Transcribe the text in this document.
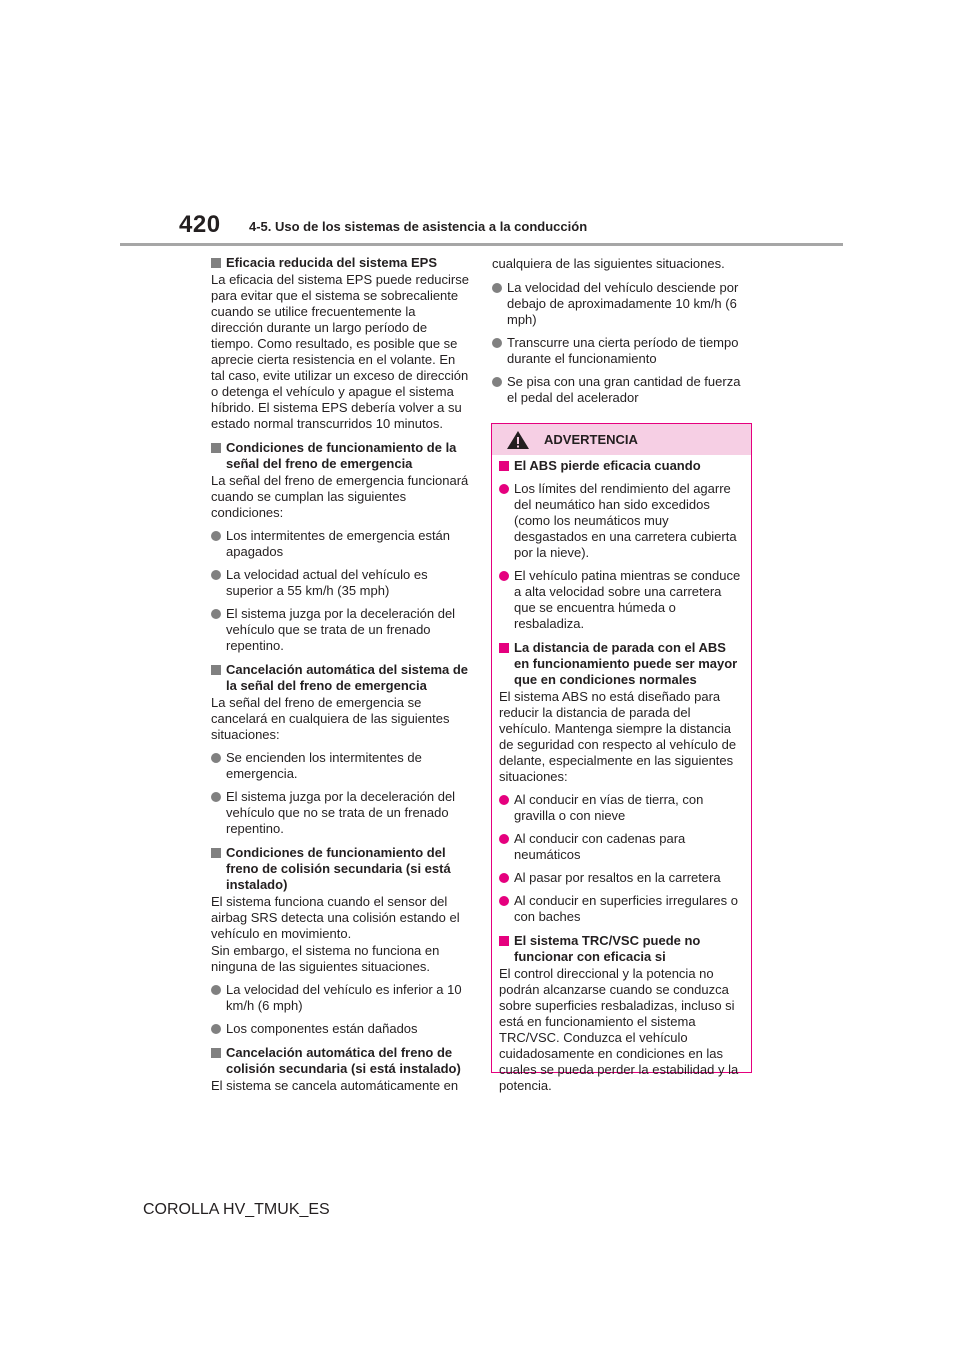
420 4-5. Uso de los sistemas de asistencia a la conducción
Eficacia reducida del sistema EPS
La eficacia del sistema EPS puede reducirse para evitar que el sistema se sobrecaliente cuando se utilice frecuentemente la dirección durante un largo período de tiempo. Como resultado, es posible que se aprecie cierta resistencia en el volante. En tal caso, evite utilizar un exceso de dirección o detenga el vehículo y apague el sistema híbrido. El sistema EPS debería volver a su estado normal transcurridos 10 minutos.
Condiciones de funcionamiento de la señal del freno de emergencia
La señal del freno de emergencia funcionará cuando se cumplan las siguientes condiciones:
Los intermitentes de emergencia están apagados
La velocidad actual del vehículo es superior a 55 km/h (35 mph)
El sistema juzga por la deceleración del vehículo que se trata de un frenado repentino.
Cancelación automática del sistema de la señal del freno de emergencia
La señal del freno de emergencia se cancelará en cualquiera de las siguientes situaciones:
Se encienden los intermitentes de emergencia.
El sistema juzga por la deceleración del vehículo que no se trata de un frenado repentino.
Condiciones de funcionamiento del freno de colisión secundaria (si está instalado)
El sistema funciona cuando el sensor del airbag SRS detecta una colisión estando el vehículo en movimiento.
Sin embargo, el sistema no funciona en ninguna de las siguientes situaciones.
La velocidad del vehículo es inferior a 10 km/h (6 mph)
Los componentes están dañados
Cancelación automática del freno de colisión secundaria (si está instalado)
El sistema se cancela automáticamente en
cualquiera de las siguientes situaciones.
La velocidad del vehículo desciende por debajo de aproximadamente 10 km/h (6 mph)
Transcurre una cierta período de tiempo durante el funcionamiento
Se pisa con una gran cantidad de fuerza el pedal del acelerador
ADVERTENCIA
El ABS pierde eficacia cuando
Los límites del rendimiento del agarre del neumático han sido excedidos (como los neumáticos muy desgastados en una carretera cubierta por la nieve).
El vehículo patina mientras se conduce a alta velocidad sobre una carretera que se encuentra húmeda o resbaladiza.
La distancia de parada con el ABS en funcionamiento puede ser mayor que en condiciones normales
El sistema ABS no está diseñado para reducir la distancia de parada del vehículo. Mantenga siempre la distancia de seguridad con respecto al vehículo de delante, especialmente en las siguientes situaciones:
Al conducir en vías de tierra, con gravilla o con nieve
Al conducir con cadenas para neumáticos
Al pasar por resaltos en la carretera
Al conducir en superficies irregulares o con baches
El sistema TRC/VSC puede no funcionar con eficacia si
El control direccional y la potencia no podrán alcanzarse cuando se conduzca sobre superficies resbaladizas, incluso si está en funcionamiento el sistema TRC/VSC. Conduzca el vehículo cuidadosamente en condiciones en las cuales se pueda perder la estabilidad y la potencia.
COROLLA HV_TMUK_ES
